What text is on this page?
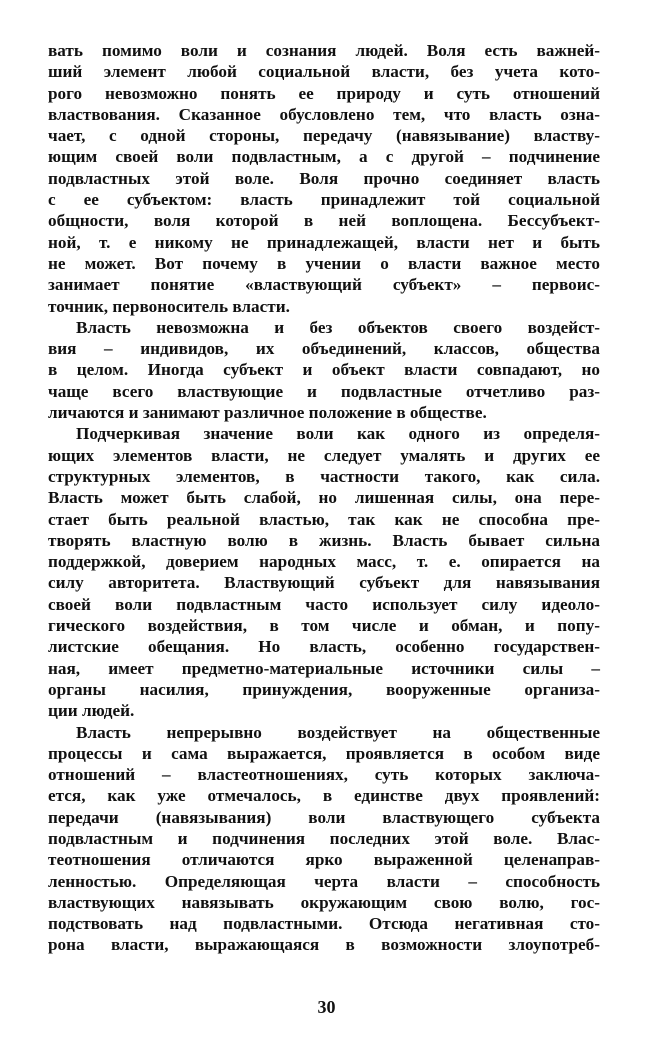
вать помимо воли и сознания людей. Воля есть важней-
ший элемент любой социальной власти, без учета кото-
рого невозможно понять ее природу и суть отношений
властвования. Сказанное обусловлено тем, что власть озна-
чает, с одной стороны, передачу (навязывание) властву-
ющим своей воли подвластным, а с другой – подчинение
подвластных этой воле. Воля прочно соединяет власть
с ее субъектом: власть принадлежит той социальной
общности, воля которой в ней воплощена. Бессубъект-
ной, т. е никому не принадлежащей, власти нет и быть
не может. Вот почему в учении о власти важное место
занимает понятие «властвующий субъект» – первоис-
точник, первоноситель власти.
Власть невозможна и без объектов своего воздейст-
вия – индивидов, их объединений, классов, общества
в целом. Иногда субъект и объект власти совпадают, но
чаще всего властвующие и подвластные отчетливо раз-
личаются и занимают различное положение в обществе.
Подчеркивая значение воли как одного из определя-
ющих элементов власти, не следует умалять и других ее
структурных элементов, в частности такого, как сила.
Власть может быть слабой, но лишенная силы, она пере-
стает быть реальной властью, так как не способна пре-
творять властную волю в жизнь. Власть бывает сильна
поддержкой, доверием народных масс, т. е. опирается на
силу авторитета. Властвующий субъект для навязывания
своей воли подвластным часто использует силу идеоло-
гического воздействия, в том числе и обман, и попу-
листские обещания. Но власть, особенно государствен-
ная, имеет предметно-материальные источники силы –
органы насилия, принуждения, вооруженные организа-
ции людей.
Власть непрерывно воздействует на общественные
процессы и сама выражается, проявляется в особом виде
отношений – властеотношениях, суть которых заключа-
ется, как уже отмечалось, в единстве двух проявлений:
передачи (навязывания) воли властвующего субъекта
подвластным и подчинения последних этой воле. Влас-
теотношения отличаются ярко выраженной целенаправ-
ленностью. Определяющая черта власти – способность
властвующих навязывать окружающим свою волю, гос-
подствовать над подвластными. Отсюда негативная сто-
рона власти, выражающаяся в возможности злоупотреб-
30
